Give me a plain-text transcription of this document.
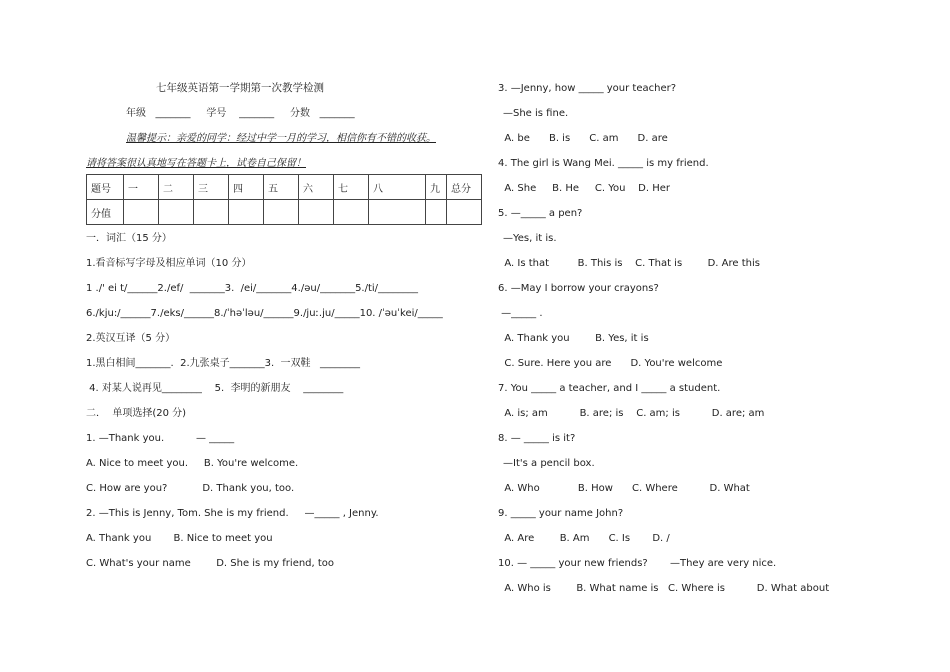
七年级英语第一学期第一次教学检测
年级   _______     学号    _______     分数   _______
温馨提示：亲爱的同学：经过中学一月的学习，相信你有不错的收获。
请将答案很认真地写在答题卡上，试卷自己保留！
题号	一	二	三	四	五	六	七	八	九	总分
分值										
一．词汇（15 分）
1.看音标写字母及相应单词（10 分）
1 ./' ei t/______2./ef/  _______3.  /ei/_______4./əu/_______5./ti/________
6./kju:/______7./eks/______8./ˈhəˈləu/______9./juː.ju/_____10. /ˈəuˈkei/_____
2.英汉互译（5 分）
1.黑白相间_______.  2.九张桌子_______3.  一双鞋   ________
4. 对某人说再见________    5.  李明的新朋友    ________
二．  单项选择(20 分)
1. —Thank you.          — _____
A. Nice to meet you.     B. You're welcome.
C. How are you?           D. Thank you, too.
2. —This is Jenny, Tom. She is my friend.     —_____ , Jenny.
A. Thank you       B. Nice to meet you
C. What's your name        D. She is my friend, too
3. —Jenny, how _____ your teacher?
—She is fine.
A. be      B. is      C. am      D. are
4. The girl is Wang Mei. _____ is my friend.
A. She     B. He     C. You    D. Her
5. —_____ a pen?
—Yes, it is.
A. Is that         B. This is    C. That is        D. Are this
6. —May I borrow your crayons?
—_____ .
A. Thank you        B. Yes, it is
C. Sure. Here you are      D. You're welcome
7. You _____ a teacher, and I _____ a student.
A. is; am          B. are; is    C. am; is          D. are; am
8. — _____ is it?
—It's a pencil box.
A. Who            B. How      C. Where          D. What
9. _____ your name John?
A. Are        B. Am      C. Is       D. /
10. — _____ your new friends?       —They are very nice.
A. Who is        B. What name is   C. Where is          D. What about
